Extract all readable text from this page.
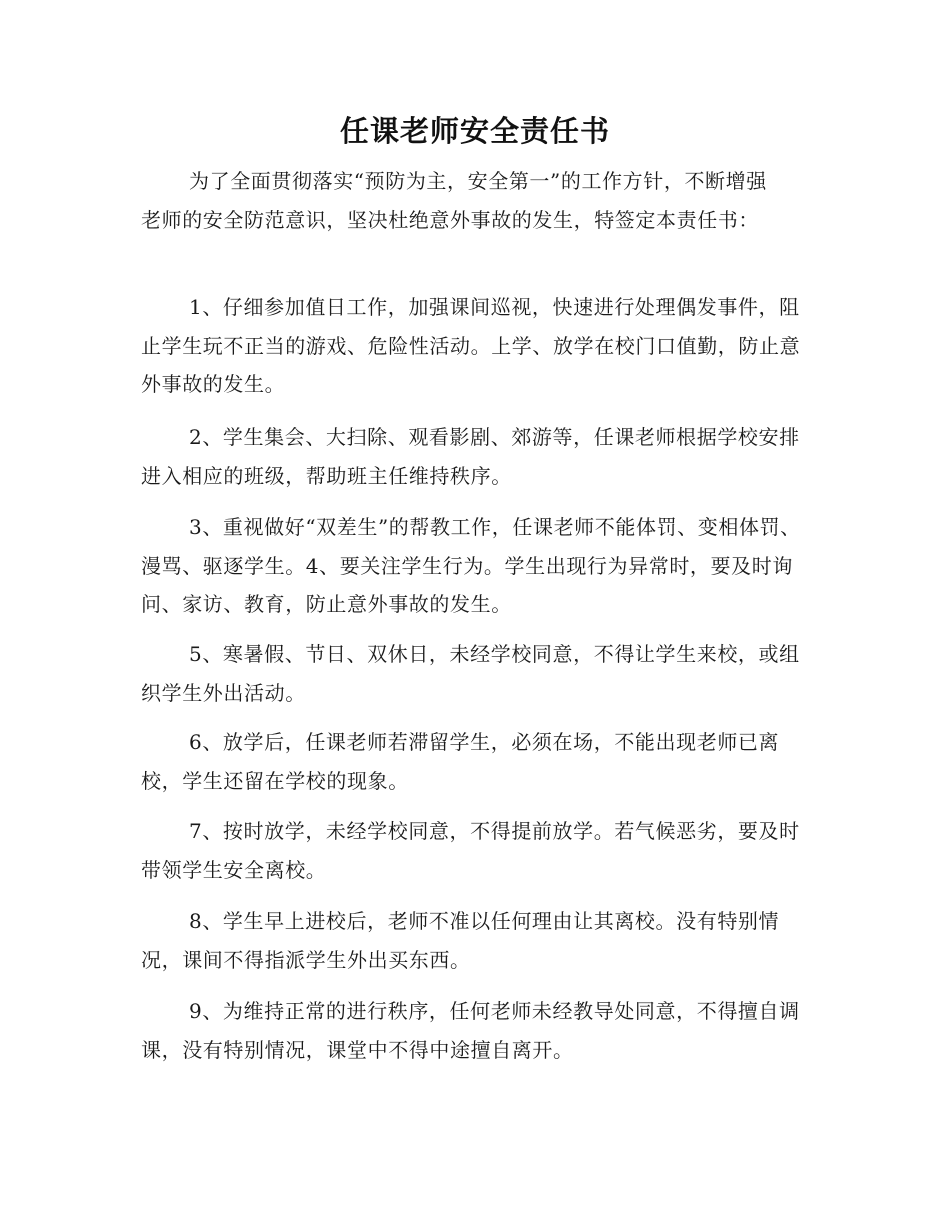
任课老师安全责任书

为了全面贯彻落实“预防为主，安全第一”的工作方针，不断增强老师的安全防范意识，坚决杜绝意外事故的发生，特签定本责任书：

1、仔细参加值日工作，加强课间巡视，快速进行处理偶发事件，阻止学生玩不正当的游戏、危险性活动。上学、放学在校门口值勤，防止意外事故的发生。

2、学生集会、大扫除、观看影剧、郊游等，任课老师根据学校安排进入相应的班级，帮助班主任维持秩序。

3、重视做好“双差生”的帮教工作，任课老师不能体罚、变相体罚、漫骂、驱逐学生。4、要关注学生行为。学生出现行为异常时，要及时询问、家访、教育，防止意外事故的发生。

5、寒暑假、节日、双休日，未经学校同意，不得让学生来校，或组织学生外出活动。

6、放学后，任课老师若滞留学生，必须在场，不能出现老师已离校，学生还留在学校的现象。

7、按时放学，未经学校同意，不得提前放学。若气候恶劣，要及时带领学生安全离校。

8、学生早上进校后，老师不准以任何理由让其离校。没有特别情况，课间不得指派学生外出买东西。

9、为维持正常的进行秩序，任何老师未经教导处同意，不得擅自调课，没有特别情况，课堂中不得中途擅自离开。
